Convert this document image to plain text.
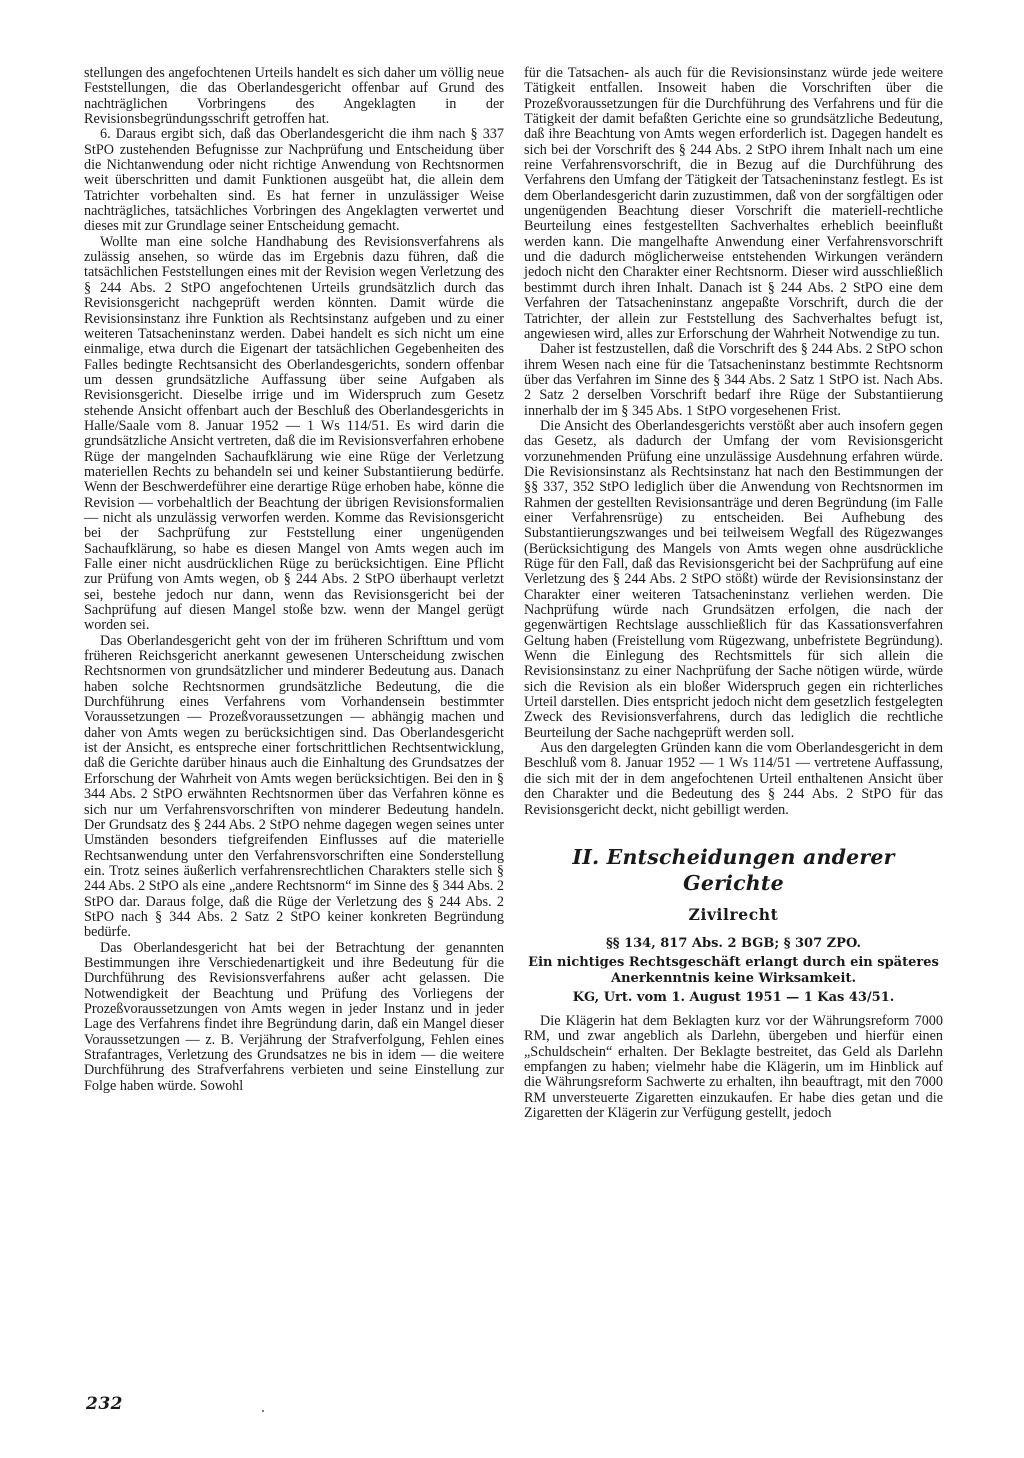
stellungen des angefochtenen Urteils handelt es sich daher um völlig neue Feststellungen, die das Oberlandesgericht offenbar auf Grund des nachträglichen Vorbringens des Angeklagten in der Revisionsbegründungsschrift getroffen hat.

6. Daraus ergibt sich, daß das Oberlandesgericht die ihm nach § 337 StPO zustehenden Befugnisse zur Nachprüfung und Entscheidung über die Nichtanwendung oder nicht richtige Anwendung von Rechtsnormen weit überschritten und damit Funktionen ausgeübt hat, die allein dem Tatrichter vorbehalten sind. Es hat ferner in unzulässiger Weise nachträgliches, tatsächliches Vorbringen des Angeklagten verwertet und dieses mit zur Grundlage seiner Entscheidung gemacht.

Wollte man eine solche Handhabung des Revisionsverfahrens als zulässig ansehen, so würde das im Ergebnis dazu führen, daß die tatsächlichen Feststellungen eines mit der Revision wegen Verletzung des § 244 Abs. 2 StPO angefochtenen Urteils grundsätzlich durch das Revisionsgericht nachgeprüft werden könnten. Damit würde die Revisionsinstanz ihre Funktion als Rechtsinstanz aufgeben und zu einer weiteren Tatsacheninstanz werden. Dabei handelt es sich nicht um eine einmalige, etwa durch die Eigenart der tatsächlichen Gegebenheiten des Falles bedingte Rechtsansicht des Oberlandesgerichts, sondern offenbar um dessen grundsätzliche Auffassung über seine Aufgaben als Revisionsgericht. Dieselbe irrige und im Widerspruch zum Gesetz stehende Ansicht offenbart auch der Beschluß des Oberlandesgerichts in Halle/Saale vom 8. Januar 1952 — 1 Ws 114/51. Es wird darin die grundsätzliche Ansicht vertreten, daß die im Revisionsverfahren erhobene Rüge der mangelnden Sachaufklärung wie eine Rüge der Verletzung materiellen Rechts zu behandeln sei und keiner Substantiierung bedürfe. Wenn der Beschwerdeführer eine derartige Rüge erhoben habe, könne die Revision — vorbehaltlich der Beachtung der übrigen Revisionsformalien — nicht als unzulässig verworfen werden. Komme das Revisionsgericht bei der Sachprüfung zur Feststellung einer ungenügenden Sachaufklärung, so habe es diesen Mangel von Amts wegen auch im Falle einer nicht ausdrücklichen Rüge zu berücksichtigen. Eine Pflicht zur Prüfung von Amts wegen, ob § 244 Abs. 2 StPO überhaupt verletzt sei, bestehe jedoch nur dann, wenn das Revisionsgericht bei der Sachprüfung auf diesen Mangel stoße bzw. wenn der Mangel gerügt worden sei.

Das Oberlandesgericht geht von der im früheren Schrifttum und vom früheren Reichsgericht anerkannt gewesenen Unterscheidung zwischen Rechtsnormen von grundsätzlicher und minderer Bedeutung aus. Danach haben solche Rechtsnormen grundsätzliche Bedeutung, die die Durchführung eines Verfahrens vom Vorhandensein bestimmter Voraussetzungen — Prozeßvoraussetzungen — abhängig machen und daher von Amts wegen zu berücksichtigen sind. Das Oberlandesgericht ist der Ansicht, es entspreche einer fortschrittlichen Rechtsentwicklung, daß die Gerichte darüber hinaus auch die Einhaltung des Grundsatzes der Erforschung der Wahrheit von Amts wegen berücksichtigen. Bei den in § 344 Abs. 2 StPO erwähnten Rechtsnormen über das Verfahren könne es sich nur um Verfahrensvorschriften von minderer Bedeutung handeln. Der Grundsatz des § 244 Abs. 2 StPO nehme dagegen wegen seines unter Umständen besonders tiefgreifenden Einflusses auf die materielle Rechtsanwendung unter den Verfahrensvorschriften eine Sonderstellung ein. Trotz seines äußerlich verfahrensrechtlichen Charakters stelle sich § 244 Abs. 2 StPO als eine „andere Rechtsnorm“ im Sinne des § 344 Abs. 2 StPO dar. Daraus folge, daß die Rüge der Verletzung des § 244 Abs. 2 StPO nach § 344 Abs. 2 Satz 2 StPO keiner konkreten Begründung bedürfe.

Das Oberlandesgericht hat bei der Betrachtung der genannten Bestimmungen ihre Verschiedenartigkeit und ihre Bedeutung für die Durchführung des Revisionsverfahrens außer acht gelassen. Die Notwendigkeit der Beachtung und Prüfung des Vorliegens der Prozeßvoraussetzungen von Amts wegen in jeder Instanz und in jeder Lage des Verfahrens findet ihre Begründung darin, daß ein Mangel dieser Voraussetzungen — z. B. Verjährung der Strafverfolgung, Fehlen eines Strafantrages, Verletzung des Grundsatzes ne bis in idem — die weitere Durchführung des Strafverfahrens verbieten und seine Einstellung zur Folge haben würde. Sowohl

für die Tatsachen- als auch für die Revisionsinstanz würde jede weitere Tätigkeit entfallen. Insoweit haben die Vorschriften über die Prozeßvoraussetzungen für die Durchführung des Verfahrens und für die Tätigkeit der damit befaßten Gerichte eine so grundsätzliche Bedeutung, daß ihre Beachtung von Amts wegen erforderlich ist. Dagegen handelt es sich bei der Vorschrift des § 244 Abs. 2 StPO ihrem Inhalt nach um eine reine Verfahrensvorschrift, die in Bezug auf die Durchführung des Verfahrens den Umfang der Tätigkeit der Tatsacheninstanz festlegt. Es ist dem Oberlandesgericht darin zuzustimmen, daß von der sorgfältigen oder ungenügenden Beachtung dieser Vorschrift die materiell-rechtliche Beurteilung eines festgestellten Sachverhaltes erheblich beeinflußt werden kann. Die mangelhafte Anwendung einer Verfahrensvorschrift und die dadurch möglicherweise entstehenden Wirkungen verändern jedoch nicht den Charakter einer Rechtsnorm. Dieser wird ausschließlich bestimmt durch ihren Inhalt. Danach ist § 244 Abs. 2 StPO eine dem Verfahren der Tatsacheninstanz angepaßte Vorschrift, durch die der Tatrichter, der allein zur Feststellung des Sachverhaltes befugt ist, angewiesen wird, alles zur Erforschung der Wahrheit Notwendige zu tun.

Daher ist festzustellen, daß die Vorschrift des § 244 Abs. 2 StPO schon ihrem Wesen nach eine für die Tatsacheninstanz bestimmte Rechtsnorm über das Verfahren im Sinne des § 344 Abs. 2 Satz 1 StPO ist. Nach Abs. 2 Satz 2 derselben Vorschrift bedarf ihre Rüge der Substantiierung innerhalb der im § 345 Abs. 1 StPO vorgesehenen Frist.

Die Ansicht des Oberlandesgerichts verstößt aber auch insofern gegen das Gesetz, als dadurch der Umfang der vom Revisionsgericht vorzunehmenden Prüfung eine unzulässige Ausdehnung erfahren würde. Die Revisionsinstanz als Rechtsinstanz hat nach den Bestimmungen der §§ 337, 352 StPO lediglich über die Anwendung von Rechtsnormen im Rahmen der gestellten Revisionsanträge und deren Begründung (im Falle einer Verfahrensrüge) zu entscheiden. Bei Aufhebung des Substantiierungszwanges und bei teilweisem Wegfall des Rügezwanges (Berücksichtigung des Mangels von Amts wegen ohne ausdrückliche Rüge für den Fall, daß das Revisionsgericht bei der Sachprüfung auf eine Verletzung des § 244 Abs. 2 StPO stößt) würde der Revisionsinstanz der Charakter einer weiteren Tatsacheninstanz verliehen werden. Die Nachprüfung würde nach Grundsätzen erfolgen, die nach der gegenwärtigen Rechtslage ausschließlich für das Kassationsverfahren Geltung haben (Freistellung vom Rügezwang, unbefristete Begründung). Wenn die Einlegung des Rechtsmittels für sich allein die Revisionsinstanz zu einer Nachprüfung der Sache nötigen würde, würde sich die Revision als ein bloßer Widerspruch gegen ein richterliches Urteil darstellen. Dies entspricht jedoch nicht dem gesetzlich festgelegten Zweck des Revisionsverfahrens, durch das lediglich die rechtliche Beurteilung der Sache nachgeprüft werden soll.

Aus den dargelegten Gründen kann die vom Oberlandesgericht in dem Beschluß vom 8. Januar 1952 — 1 Ws 114/51 — vertretene Auffassung, die sich mit der in dem angefochtenen Urteil enthaltenen Ansicht über den Charakter und die Bedeutung des § 244 Abs. 2 StPO für das Revisionsgericht deckt, nicht gebilligt werden.

II. Entscheidungen anderer Gerichte
Zivilrecht

§§ 134, 817 Abs. 2 BGB; § 307 ZPO.

Ein nichtiges Rechtsgeschäft erlangt durch ein späteres Anerkenntnis keine Wirksamkeit.

KG, Urt. vom 1. August 1951 — 1 Kas 43/51.

Die Klägerin hat dem Beklagten kurz vor der Währungsreform 7000 RM, und zwar angeblich als Darlehn, übergeben und hierfür einen „Schuldschein“ erhalten. Der Beklagte bestreitet, das Geld als Darlehn empfangen zu haben; vielmehr habe die Klägerin, um im Hinblick auf die Währungsreform Sachwerte zu erhalten, ihn beauftragt, mit den 7000 RM unversteuerte Zigaretten einzukaufen. Er habe dies getan und die Zigaretten der Klägerin zur Verfügung gestellt, jedoch

232
